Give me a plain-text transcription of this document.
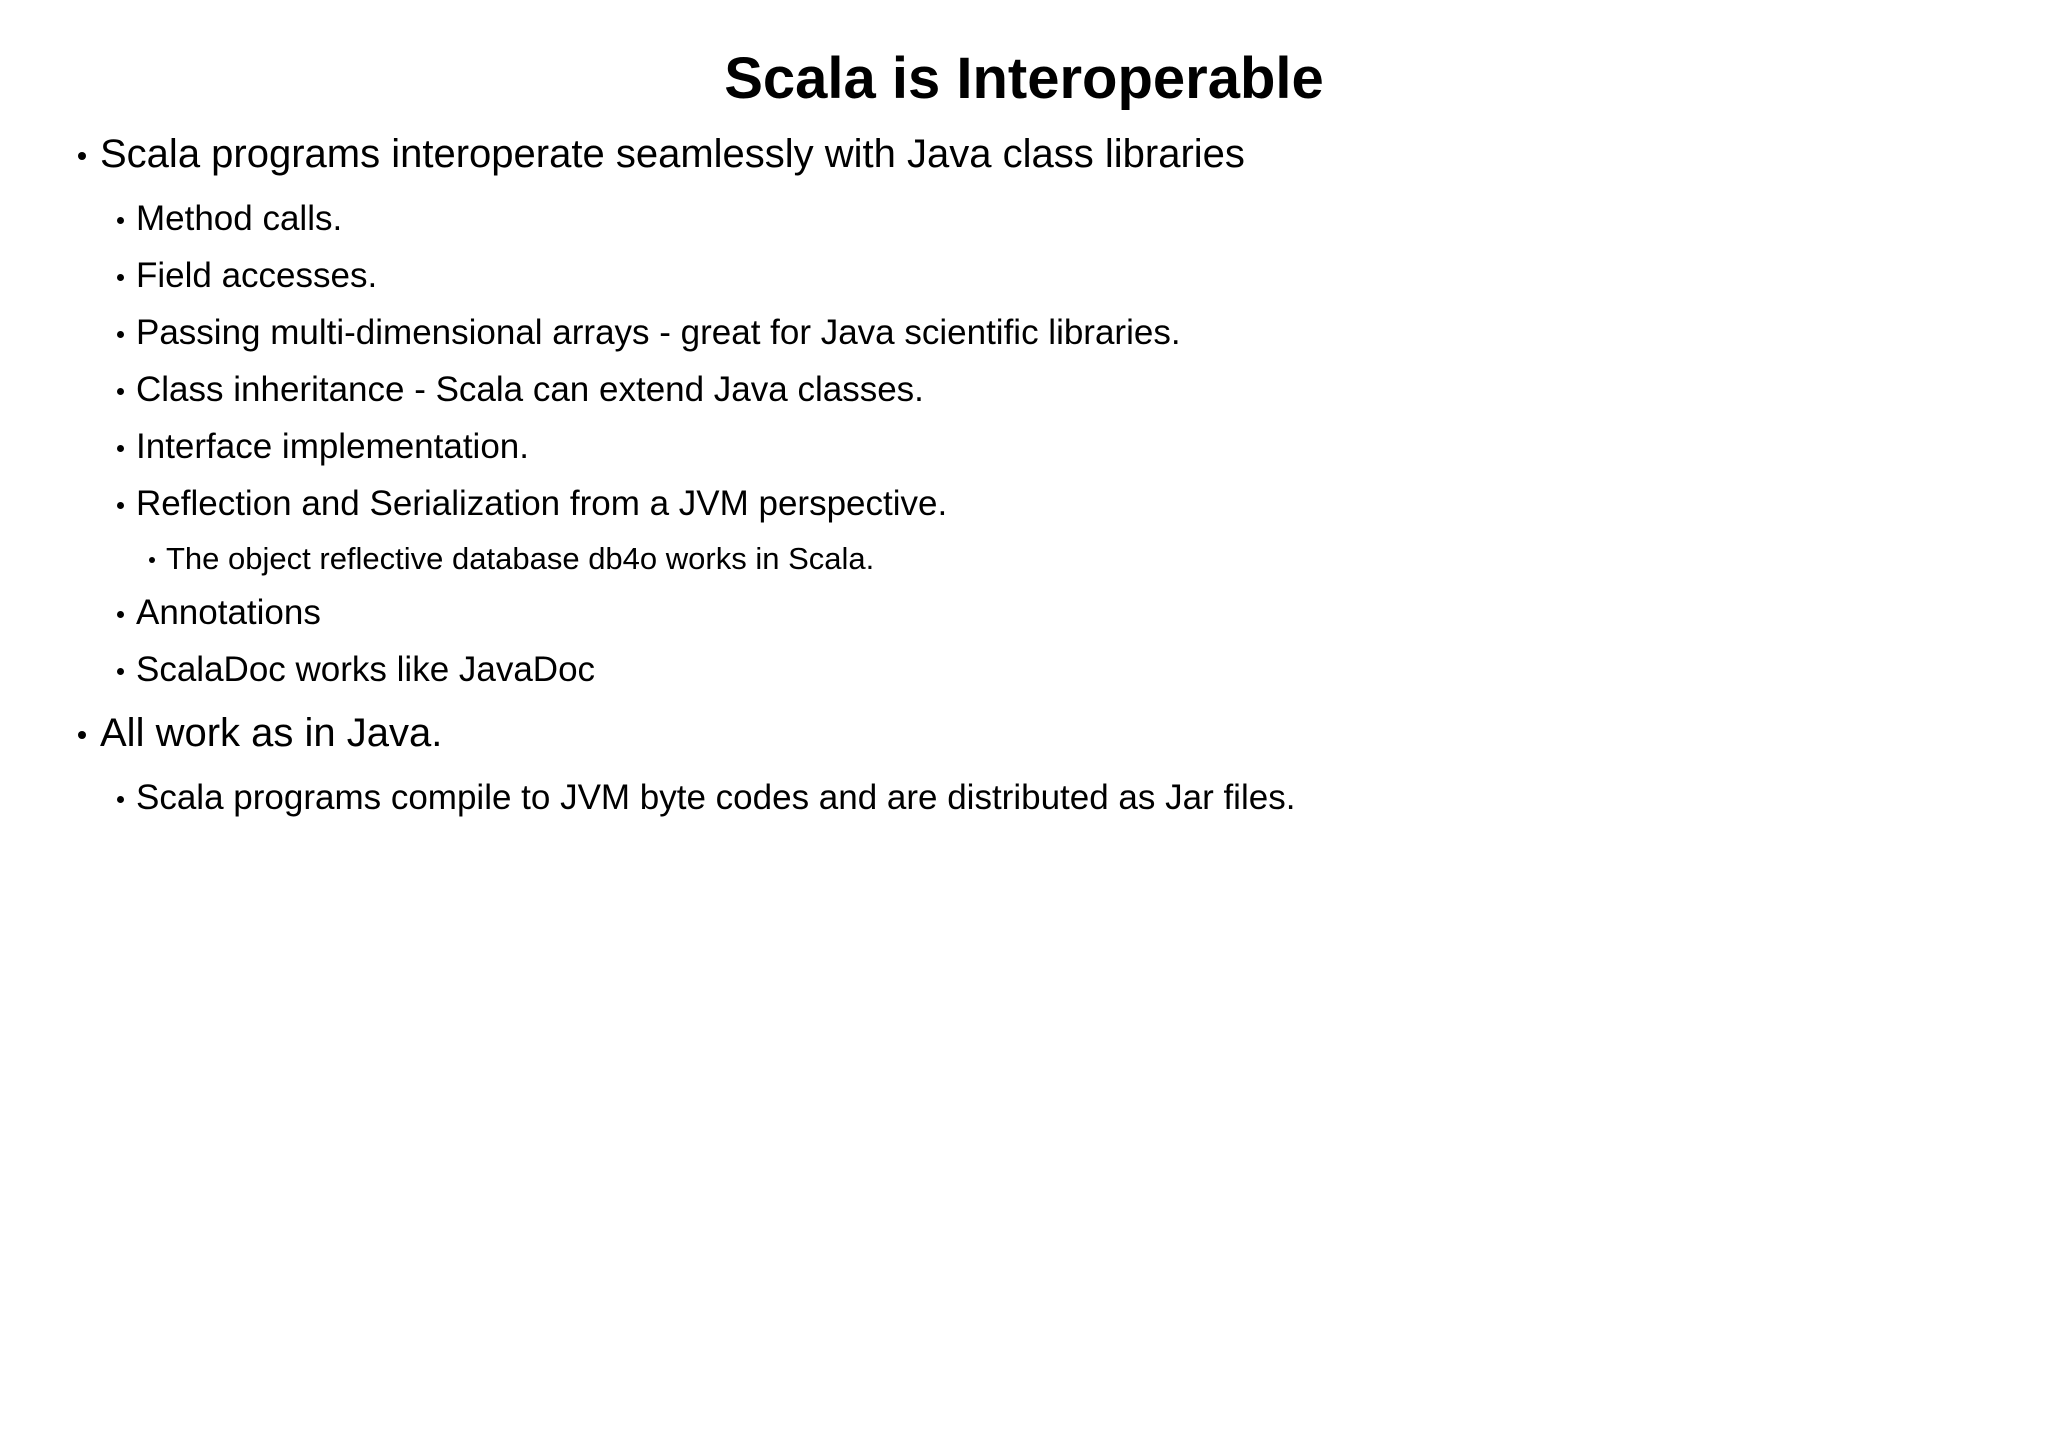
Scala is Interoperable

Scala programs interoperate seamlessly with Java class libraries

Method calls.

Field accesses.

Passing multi-dimensional arrays - great for Java scientific libraries.

Class inheritance - Scala can extend Java classes.

Interface implementation.

Reflection and Serialization from a JVM perspective.

The object reflective database db4o works in Scala.

Annotations

ScalaDoc works like JavaDoc

All work as in Java.

Scala programs compile to JVM byte codes and are distributed as Jar files.
